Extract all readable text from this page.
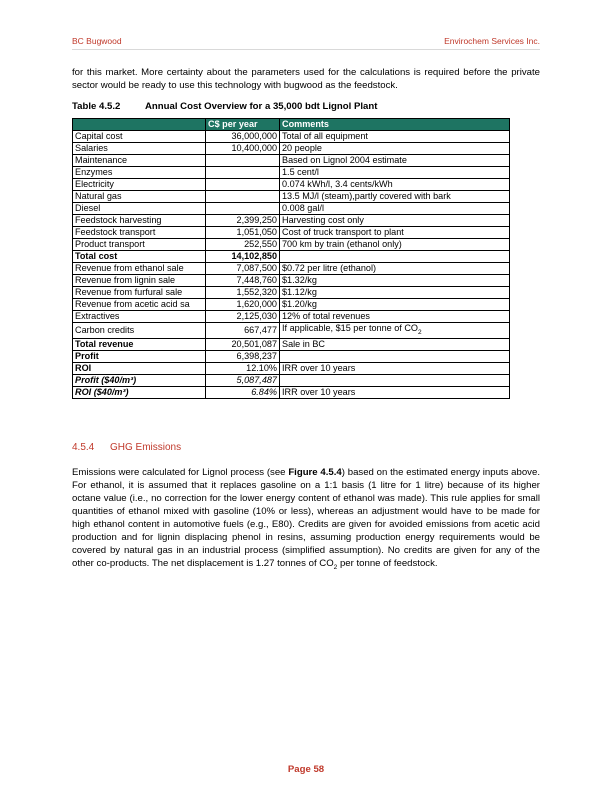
BC Bugwood	Envirochem Services Inc.
for this market. More certainty about the parameters used for the calculations is required before the private sector would be ready to use this technology with bugwood as the feedstock.
Table 4.5.2	Annual Cost Overview for a 35,000 bdt Lignol Plant
	C$ per year	Comments
Capital cost	36,000,000	Total of all equipment
Salaries	10,400,000	20 people
Maintenance		Based on Lignol 2004 estimate
Enzymes		1.5 cent/l
Electricity		0.074 kWh/l, 3.4 cents/kWh
Natural gas		13.5 MJ/l (steam),partly covered with bark
Diesel		0.008 gal/l
Feedstock harvesting	2,399,250	Harvesting cost only
Feedstock transport	1,051,050	Cost of truck transport to plant
Product transport	252,550	700 km by train (ethanol only)
Total cost	14,102,850	
Revenue from ethanol sale	7,087,500	$0.72 per litre (ethanol)
Revenue from lignin sale	7,448,760	$1.32/kg
Revenue from furfural sale	1,552,320	$1.12/kg
Revenue from acetic acid sa	1,620,000	$1.20/kg
Extractives	2,125,030	12% of total revenues
Carbon credits	667,477	If applicable, $15 per tonne of $CO_2$
Total revenue	20,501,087	Sale in BC
Profit	6,398,237	
ROI	12.10%	IRR over 10 years
Profit ($40/m³)	5,087,487	
ROI ($40/m³)	6.84%	IRR over 10 years
4.5.4 GHG Emissions
Emissions were calculated for Lignol process (see Figure 4.5.4) based on the estimated energy inputs above. For ethanol, it is assumed that it replaces gasoline on a 1:1 basis (1 litre for 1 litre) because of its higher octane value (i.e., no correction for the lower energy content of ethanol was made). This rule applies for small quantities of ethanol mixed with gasoline (10% or less), whereas an adjustment would have to be made for high ethanol content in automotive fuels (e.g., E80). Credits are given for avoided emissions from acetic acid production and for lignin displacing phenol in resins, assuming production energy requirements would be covered by natural gas in an industrial process (simplified assumption). No credits are given for any of the other co-products. The net displacement is 1.27 tonnes of $CO_2$ per tonne of feedstock.
Page 58
